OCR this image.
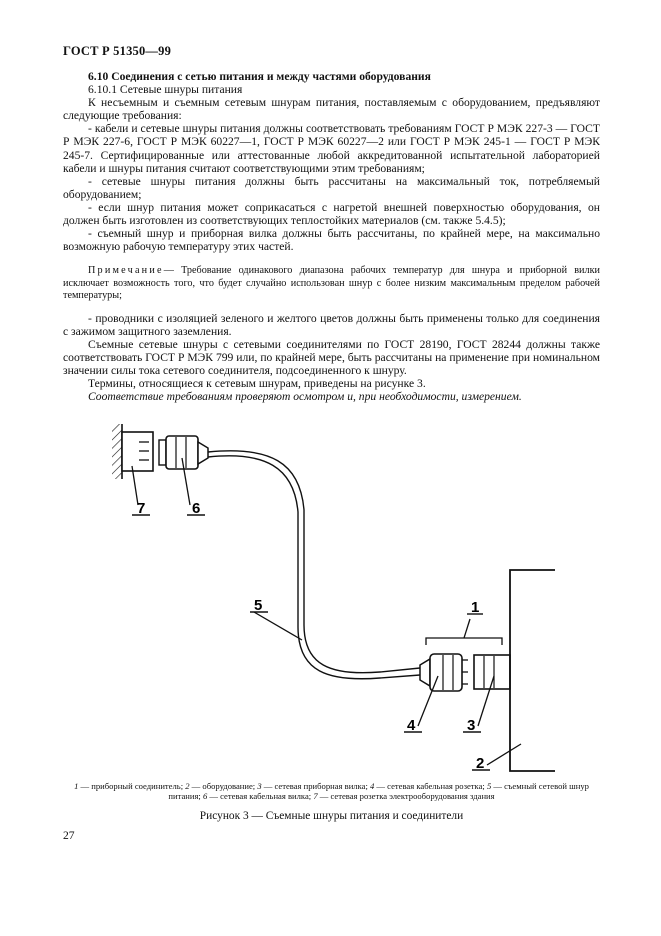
ГОСТ Р 51350—99

6.10 Соединения с сетью питания и между частями оборудования

6.10.1 Сетевые шнуры питания

К несъемным и съемным сетевым шнурам питания, поставляемым с оборудованием, предъявляют следующие требования:

- кабели и сетевые шнуры питания должны соответствовать требованиям ГОСТ Р МЭК 227-3 — ГОСТ Р МЭК 227-6, ГОСТ Р МЭК 60227—1, ГОСТ Р МЭК 60227—2 или ГОСТ Р МЭК 245-1 — ГОСТ Р МЭК 245-7. Сертифицированные или аттестованные любой аккредитованной испытательной лабораторией кабели и шнуры питания считают соответствующими этим требованиям;

- сетевые шнуры питания должны быть рассчитаны на максимальный ток, потребляемый оборудованием;

- если шнур питания может соприкасаться с нагретой внешней поверхностью оборудования, он должен быть изготовлен из соответствующих теплостойких материалов (см. также 5.4.5);

- съемный шнур и приборная вилка должны быть рассчитаны, по крайней мере, на максимально возможную рабочую температуру этих частей.

Примечание— Требование одинакового диапазона рабочих температур для шнура и приборной вилки исключает возможность того, что будет случайно использован шнур с более низким максимальным пределом рабочей температуры;

- проводники с изоляцией зеленого и желтого цветов должны быть применены только для соединения с зажимом защитного заземления.

Съемные сетевые шнуры с сетевыми соединителями по ГОСТ 28190, ГОСТ 28244 должны также соответствовать ГОСТ Р МЭК 799 или, по крайней мере, быть рассчитаны на применение при номинальном значении силы тока сетевого соединителя, подсоединенного к шнуру.

Термины, относящиеся к сетевым шнурам, приведены на рисунке 3.

Соответствие требованиям проверяют осмотром и, при необходимости, измерением.

1
2
3
4
5
6
7
1 — приборный соединитель; 2 — оборудование; 3 — сетевая приборная вилка; 4 — сетевая кабельная розетка; 5 — съемный сетевой шнур питания; 6 — сетевая кабельная вилка; 7 — сетевая розетка электрооборудования здания
Рисунок 3 — Съемные шнуры питания и соединители
27
